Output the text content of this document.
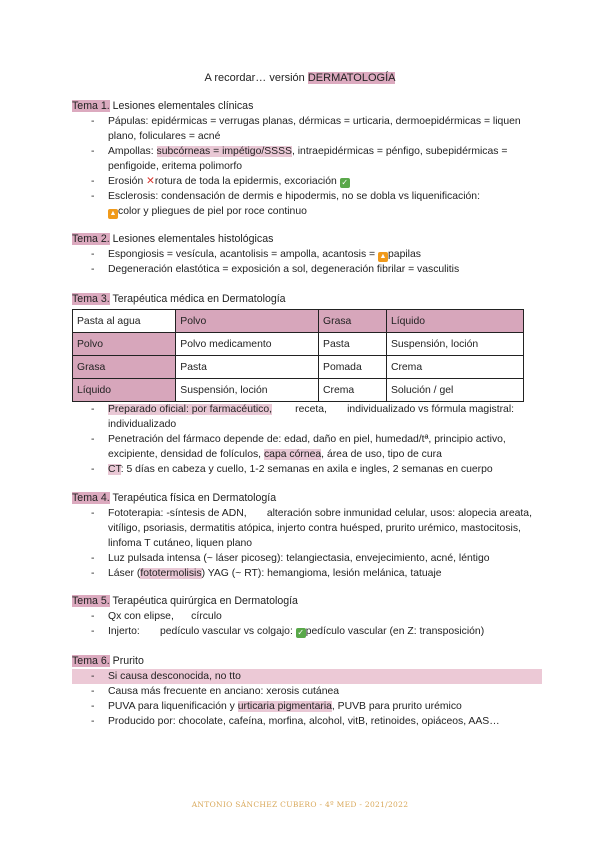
A recordar… versión DERMATOLOGÍA
Tema 1. Lesiones elementales clínicas
- Pápulas: epidérmicas = verrugas planas, dérmicas = urticaria, dermoepidérmicas = liquen plano, foliculares = acné
- Ampollas: subcórneas = impétigo/SSSS, intraepidérmicas = pénfigo, subepidérmicas = penfigoide, eritema polimorfo
- Erosión ✕rotura de toda la epidermis, excoriación ✓
- Esclerosis: condensación de dermis e hipodermis, no se dobla vs liquenificación:
▲ color y pliegues de piel por roce continuo
Tema 2. Lesiones elementales histológicas
- Espongiosis = vesícula, acantolisis = ampolla, acantosis = ▲ papilas
- Degeneración elastótica = exposición a sol, degeneración fibrilar = vasculitis
Tema 3. Terapéutica médica en Dermatología
Pasta al agua	Polvo	Grasa	Líquido
Polvo	Polvo medicamento	Pasta	Suspensión, loción
Grasa	Pasta	Pomada	Crema
Líquido	Suspensión, loción	Crema	Solución / gel
- Preparado oficial: por farmacéutico, receta, individualizado vs fórmula magistral: individualizado
- Penetración del fármaco depende de: edad, daño en piel, humedad/tª, principio activo, excipiente, densidad de folículos, capa córnea, área de uso, tipo de cura
- CT: 5 días en cabeza y cuello, 1-2 semanas en axila e ingles, 2 semanas en cuerpo
Tema 4. Terapéutica física en Dermatología
- Fototerapia: -síntesis de ADN, alteración sobre inmunidad celular, usos: alopecia areata, vitíligo, psoriasis, dermatitis atópica, injerto contra huésped, prurito urémico, mastocitosis, linfoma T cutáneo, liquen plano
- Luz pulsada intensa (~ láser picoseg): telangiectasia, envejecimiento, acné, léntigo
- Láser (fototermolisis) YAG (~ RT): hemangioma, lesión melánica, tatuaje
Tema 5. Terapéutica quirúrgica en Dermatología
- Qx con elipse, círculo
- Injerto: pedículo vascular vs colgajo: ✓ pedículo vascular (en Z: transposición)
Tema 6. Prurito
- Si causa desconocida, no tto
- Causa más frecuente en anciano: xerosis cutánea
- PUVA para liquenificación y urticaria pigmentaria, PUVB para prurito urémico
- Producido por: chocolate, cafeína, morfina, alcohol, vitB, retinoides, opiáceos, AAS…
ANTONIO SÁNCHEZ CUBERO - 4º MED - 2021/2022
